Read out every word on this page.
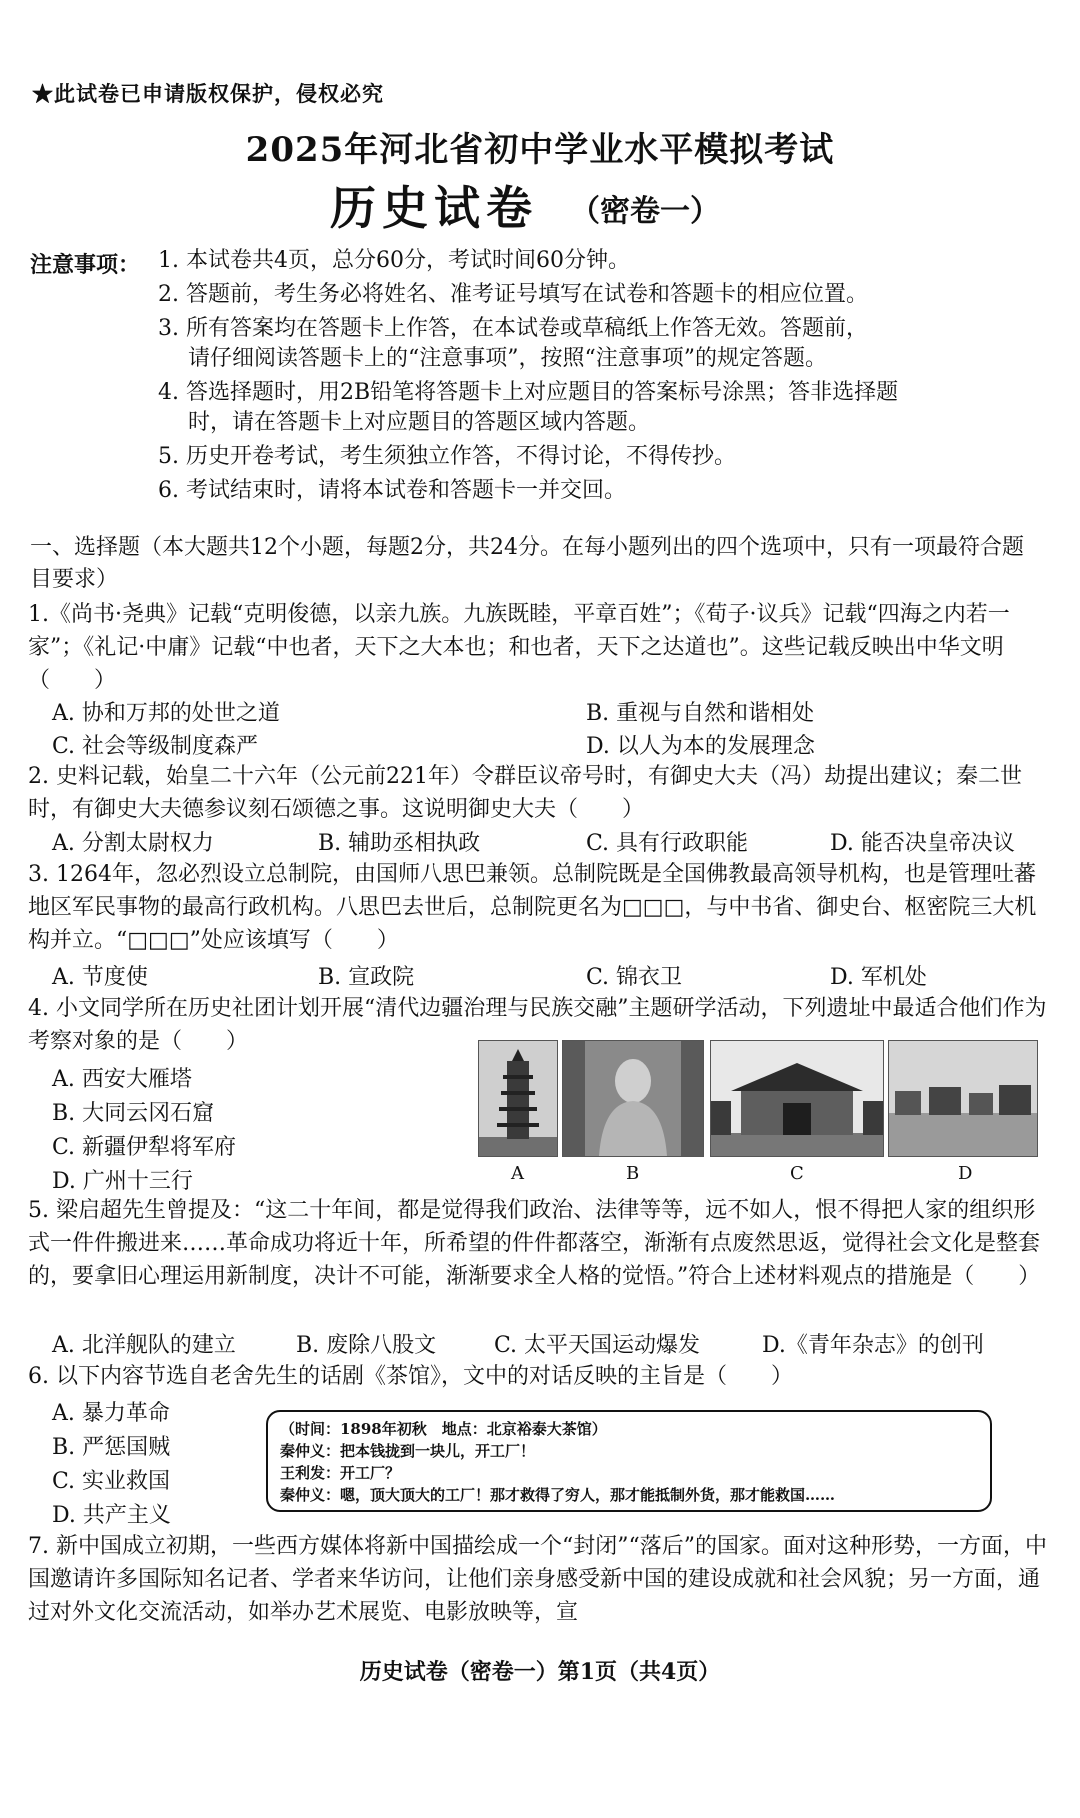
★此试卷已申请版权保护，侵权必究
2025年河北省初中学业水平模拟考试
历史试卷 （密卷一）
注意事项： 1. 本试卷共4页，总分60分，考试时间60分钟。
2. 答题前，考生务必将姓名、准考证号填写在试卷和答题卡的相应位置。
3. 所有答案均在答题卡上作答，在本试卷或草稿纸上作答无效。答题前，
请仔细阅读答题卡上的“注意事项”，按照“注意事项”的规定答题。
4. 答选择题时，用2B铅笔将答题卡上对应题目的答案标号涂黑；答非选择题
时，请在答题卡上对应题目的答题区域内答题。
5. 历史开卷考试，考生须独立作答，不得讨论，不得传抄。
6. 考试结束时，请将本试卷和答题卡一并交回。
一、选择题（本大题共12个小题，每题2分，共24分。在每小题列出的四个选项中，只有一项最符合题目要求）
1.《尚书·尧典》记载“克明俊德，以亲九族。九族既睦，平章百姓”；《荀子·议兵》记载“四海之内若一家”；《礼记·中庸》记载“中也者，天下之大本也；和也者，天下之达道也”。这些记载反映出中华文明（　　）
A. 协和万邦的处世之道	B. 重视与自然和谐相处
C. 社会等级制度森严	D. 以人为本的发展理念
2. 史料记载，始皇二十六年（公元前221年）令群臣议帝号时，有御史大夫（冯）劫提出建议；秦二世时，有御史大夫德参议刻石颂德之事。这说明御史大夫（　　）
A. 分割太尉权力	B. 辅助丞相执政	C. 具有行政职能	D. 能否决皇帝决议
3. 1264年，忽必烈设立总制院，由国师八思巴兼领。总制院既是全国佛教最高领导机构，也是管理吐蕃地区军民事物的最高行政机构。八思巴去世后，总制院更名为□□□，与中书省、御史台、枢密院三大机构并立。“□□□”处应该填写（　　）
A. 节度使	B. 宣政院	C. 锦衣卫	D. 军机处
4. 小文同学所在历史社团计划开展“清代边疆治理与民族交融”主题研学活动，下列遗址中最适合他们作为考察对象的是（　　）
A. 西安大雁塔
B. 大同云冈石窟
C. 新疆伊犁将军府
D. 广州十三行	A	B	C	D
5. 梁启超先生曾提及：“这二十年间，都是觉得我们政治、法律等等，远不如人，恨不得把人家的组织形式一件件搬进来……革命成功将近十年，所希望的件件都落空，渐渐有点废然思返，觉得社会文化是整套的，要拿旧心理运用新制度，决计不可能，渐渐要求全人格的觉悟。”符合上述材料观点的措施是（　　）
A. 北洋舰队的建立	B. 废除八股文	C. 太平天国运动爆发	D.《青年杂志》的创刊
6. 以下内容节选自老舍先生的话剧《茶馆》，文中的对话反映的主旨是（　　）
A. 暴力革命
B. 严惩国贼
C. 实业救国
D. 共产主义
（时间：1898年初秋　地点：北京裕泰大茶馆）
秦仲义：把本钱拢到一块儿，开工厂！
王利发：开工厂？
秦仲义：嗯，顶大顶大的工厂！那才救得了穷人，那才能抵制外货，那才能救国……
7. 新中国成立初期，一些西方媒体将新中国描绘成一个“封闭”“落后”的国家。面对这种形势，一方面，中国邀请许多国际知名记者、学者来华访问，让他们亲身感受新中国的建设成就和社会风貌；另一方面，通过对外文化交流活动，如举办艺术展览、电影放映等，宣
历史试卷（密卷一）第1页（共4页）
